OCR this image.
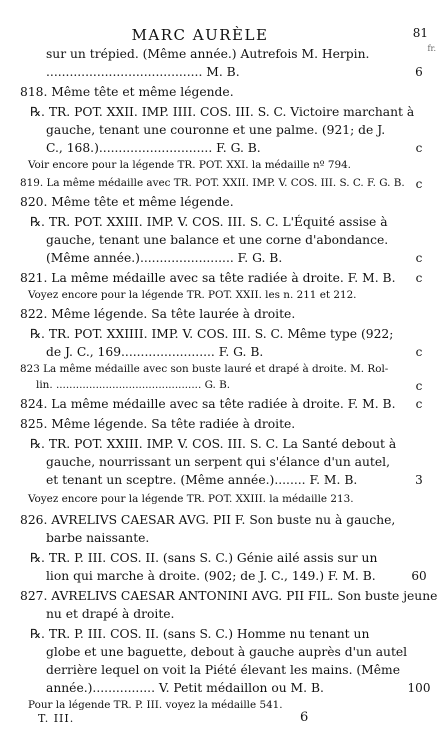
MARC AURÈLE	81
fr.
sur un trépied. (Même année.) Autrefois M. Herpin.
........................................ M. B.
818. Même tête et même légende.
℞. TR. POT. XXII. IMP. IIII. COS. III. S. C. Victoire marchant à
gauche, tenant une couronne et une palme. (921; de J.
C., 168.)............................. F. G. B.
Voir encore pour la légende TR. POT. XXI. la médaille nº 794.
819. La même médaille avec TR. POT. XXII. IMP. V. COS. III. S. C. F. G. B.
820. Même tête et même légende.
℞. TR. POT. XXIII. IMP. V. COS. III. S. C. L'Équité assise à
gauche, tenant une balance et une corne d'abondance.
(Même année.)........................ F. G. B.
821. La même médaille avec sa tête radiée à droite. F. M. B.
Voyez encore pour la légende TR. POT. XXII. les n. 211 et 212.
822. Même légende. Sa tête laurée à droite.
℞. TR. POT. XXIIII. IMP. V. COS. III. S. C. Même type (922;
de J. C., 169........................ F. G. B.
823 La même médaille avec son buste lauré et drapé à droite. M. Rol-
lin. ............................................ G. B.
824. La même médaille avec sa tête radiée à droite. F. M. B.
825. Même légende. Sa tête radiée à droite.
℞. TR. POT. XXIII. IMP. V. COS. III. S. C. La Santé debout à
gauche, nourrissant un serpent qui s'élance d'un autel,
et tenant un sceptre. (Même année.)........ F. M. B.
Voyez encore pour la légende TR. POT. XXIII. la médaille 213.
826. AVRELIVS CAESAR AVG. PII F. Son buste nu à gauche,
barbe naissante.
℞. TR. P. III. COS. II. (sans S. C.) Génie ailé assis sur un
lion qui marche à droite. (902; de J. C., 149.) F. M. B.
827. AVRELIVS CAESAR ANTONINI AVG. PII FIL. Son buste jeune
nu et drapé à droite.
℞. TR. P. III. COS. II. (sans S. C.) Homme nu tenant un
globe et une baguette, debout à gauche auprès d'un autel
derrière lequel on voit la Piété élevant les mains. (Même
année.)................ V. Petit médaillon ou M. B.
Pour la légende TR. P. III. voyez la médaille 541.
6
c
c
c
c
c
c
c
3
60
100
T. III.	6
